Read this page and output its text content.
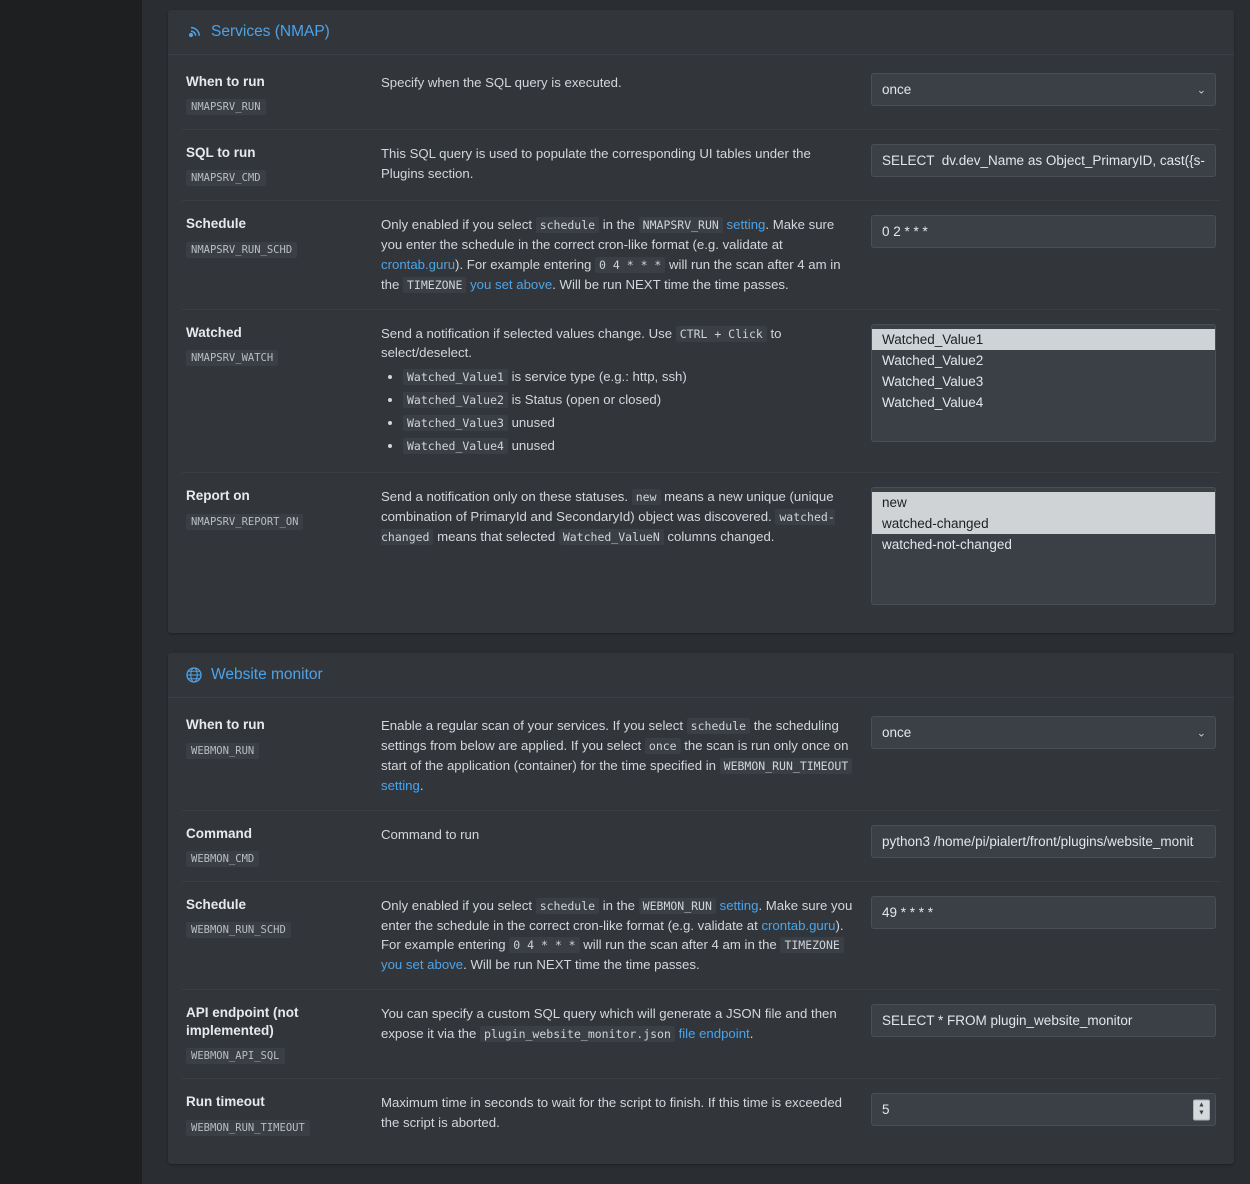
Services (NMAP)
When to run
NMAPSRV_RUN
Specify when the SQL query is executed.
once	⌄
SQL to run
NMAPSRV_CMD
This SQL query is used to populate the corresponding UI tables under the Plugins section.
SELECT dv.dev_Name as Object_PrimaryID, cast({s-quo
Schedule
NMAPSRV_RUN_SCHD
Only enabled if you select schedule in the NMAPSRV_RUN setting. Make sure you enter the schedule in the correct cron-like format (e.g. validate at crontab.guru). For example entering 0 4 * * * will run the scan after 4 am in the TIMEZONE you set above. Will be run NEXT time the time passes.
0 2 * * *
Watched
NMAPSRV_WATCH
Send a notification if selected values change. Use CTRL + Click to select/deselect.
• Watched_Value1 is service type (e.g.: http, ssh)
• Watched_Value2 is Status (open or closed)
• Watched_Value3 unused
• Watched_Value4 unused
Watched_Value1
Watched_Value2
Watched_Value3
Watched_Value4
Report on
NMAPSRV_REPORT_ON
Send a notification only on these statuses. new means a new unique (unique combination of PrimaryId and SecondaryId) object was discovered. watched-changed means that selected Watched_ValueN columns changed.
new
watched-changed
watched-not-changed
Website monitor
When to run
WEBMON_RUN
Enable a regular scan of your services. If you select schedule the scheduling settings from below are applied. If you select once the scan is run only once on start of the application (container) for the time specified in WEBMON_RUN_TIMEOUT setting.
once
⌄
Command
WEBMON_CMD
Command to run
python3 /home/pi/pialert/front/plugins/website_monit
Schedule
WEBMON_RUN_SCHD
Only enabled if you select schedule in the WEBMON_RUN setting. Make sure you enter the schedule in the correct cron-like format (e.g. validate at crontab.guru). For example entering 0 4 * * * will run the scan after 4 am in the TIMEZONE you set above. Will be run NEXT time the time passes.
49 * * * *
API endpoint (not implemented)
WEBMON_API_SQL
You can specify a custom SQL query which will generate a JSON file and then expose it via the plugin_website_monitor.json file endpoint.
SELECT * FROM plugin_website_monitor
Run timeout
WEBMON_RUN_TIMEOUT
Maximum time in seconds to wait for the script to finish. If this time is exceeded the script is aborted.
5
▲
▼
